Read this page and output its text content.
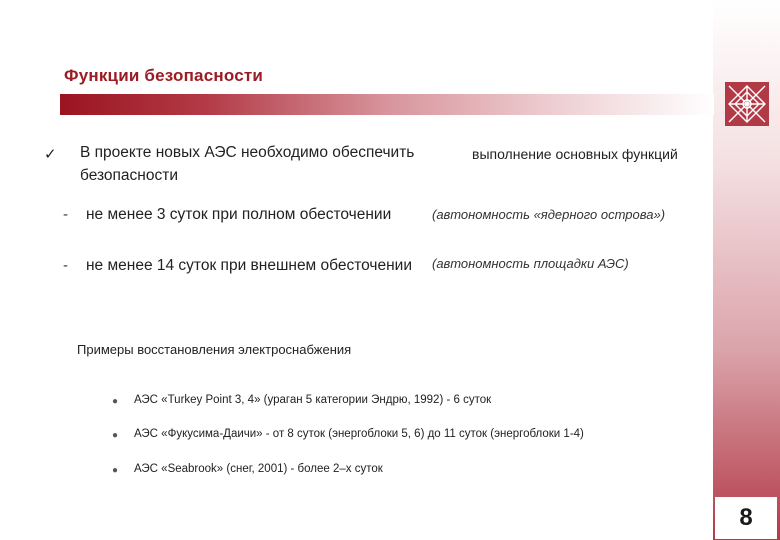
Функции безопасности
✓ В проекте новых АЭС необходимо обеспечить	выполнение основных функций
безопасности
- не менее 3 суток при полном обесточении	(автономность «ядерного острова»)
- не менее 14 суток при внешнем обесточении (автономность площадки АЭС)
Примеры восстановления электроснабжения
● АЭС «Turkey Point 3, 4» (ураган 5 категории Эндрю, 1992) - 6 суток
● АЭС «Фукусима-Даичи» - от 8 суток (энергоблоки 5, 6) до 11 суток (энергоблоки 1-4)
● АЭС «Seabrook» (снег, 2001) - более 2–х суток
8
